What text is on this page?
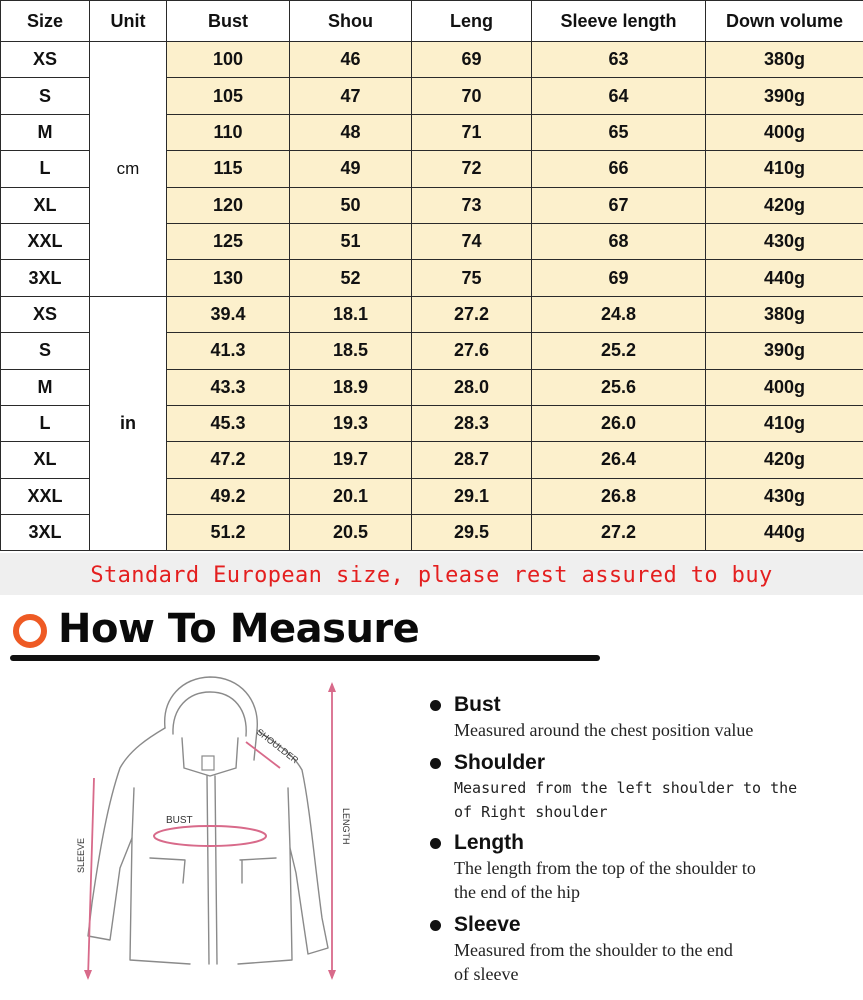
Size	Unit	Bust	Shou	Leng	Sleeve length	Down volume
XS	cm	100	46	69	63	380g
S		105	47	70	64	390g
M		110	48	71	65	400g
L		115	49	72	66	410g
XL		120	50	73	67	420g
XXL		125	51	74	68	430g
3XL		130	52	75	69	440g
XS	in	39.4	18.1	27.2	24.8	380g
S		41.3	18.5	27.6	25.2	390g
M		43.3	18.9	28.0	25.6	400g
L		45.3	19.3	28.3	26.0	410g
XL		47.2	19.7	28.7	26.4	420g
XXL		49.2	20.1	29.1	26.8	430g
3XL		51.2	20.5	29.5	27.2	440g
Standard European size, please rest assured to buy
How To Measure
BUST
SHOULDER
LENGTH
SLEEVE
Bust
Measured around the chest position value
Shoulder
Measured from the left shoulder to the
of Right shoulder
Length
The length from the top of the shoulder to
the end of the hip
Sleeve
Measured from the shoulder to the end
of sleeve
